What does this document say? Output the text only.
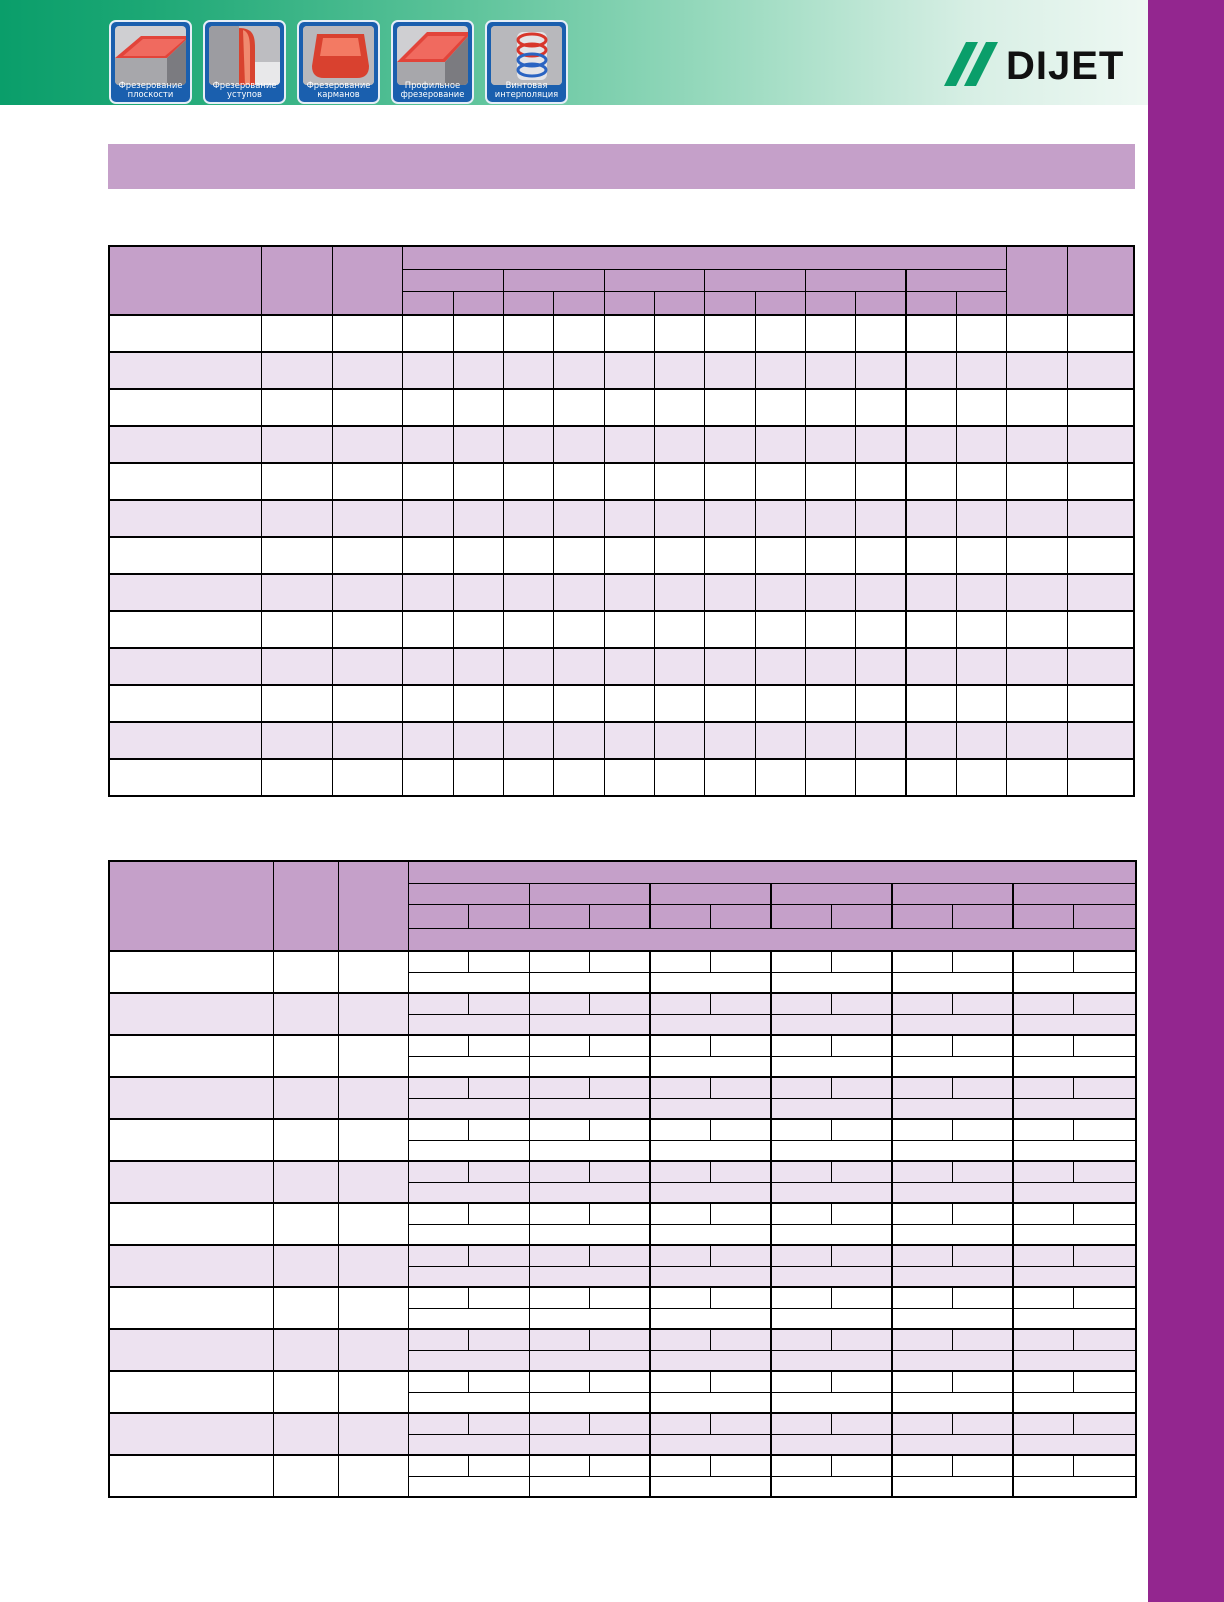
Фрезерование
плоскости
Фрезерование
уступов
Фрезерование
карманов
Профильное
фрезерование
Винтовая
интерполяция
DIJET
